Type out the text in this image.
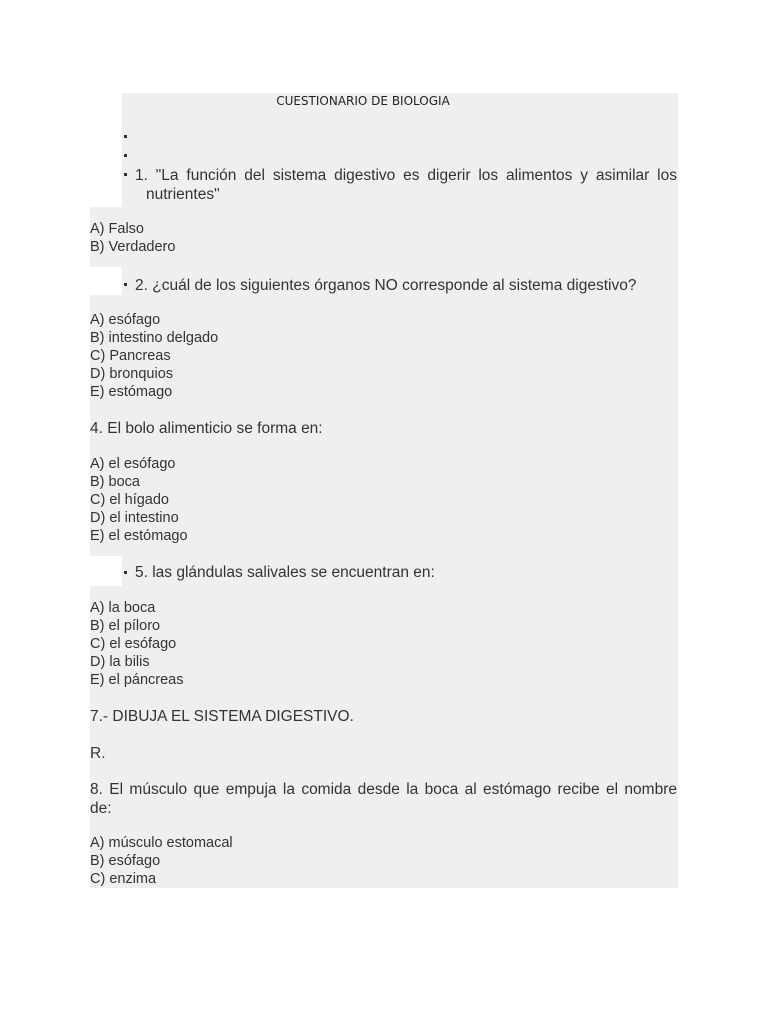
CUESTIONARIO DE BIOLOGIA
1. "La función del sistema digestivo es digerir los alimentos y asimilar los
nutrientes"
A) Falso
B) Verdadero
2. ¿cuál de los siguientes órganos NO corresponde al sistema digestivo?
A) esófago
B) intestino delgado
C) Pancreas
D) bronquios
E) estómago
4. El bolo alimenticio se forma en:
A) el esófago
B) boca
C) el hígado
D) el intestino
E) el estómago
5. las glándulas salivales se encuentran en:
A) la boca
B) el píloro
C) el esófago
D) la bilis
E) el páncreas
7.- DIBUJA EL SISTEMA DIGESTIVO.
R.
8. El músculo que empuja la comida desde la boca al estómago recibe el nombre
de:
A) músculo estomacal
B) esófago
C) enzima
